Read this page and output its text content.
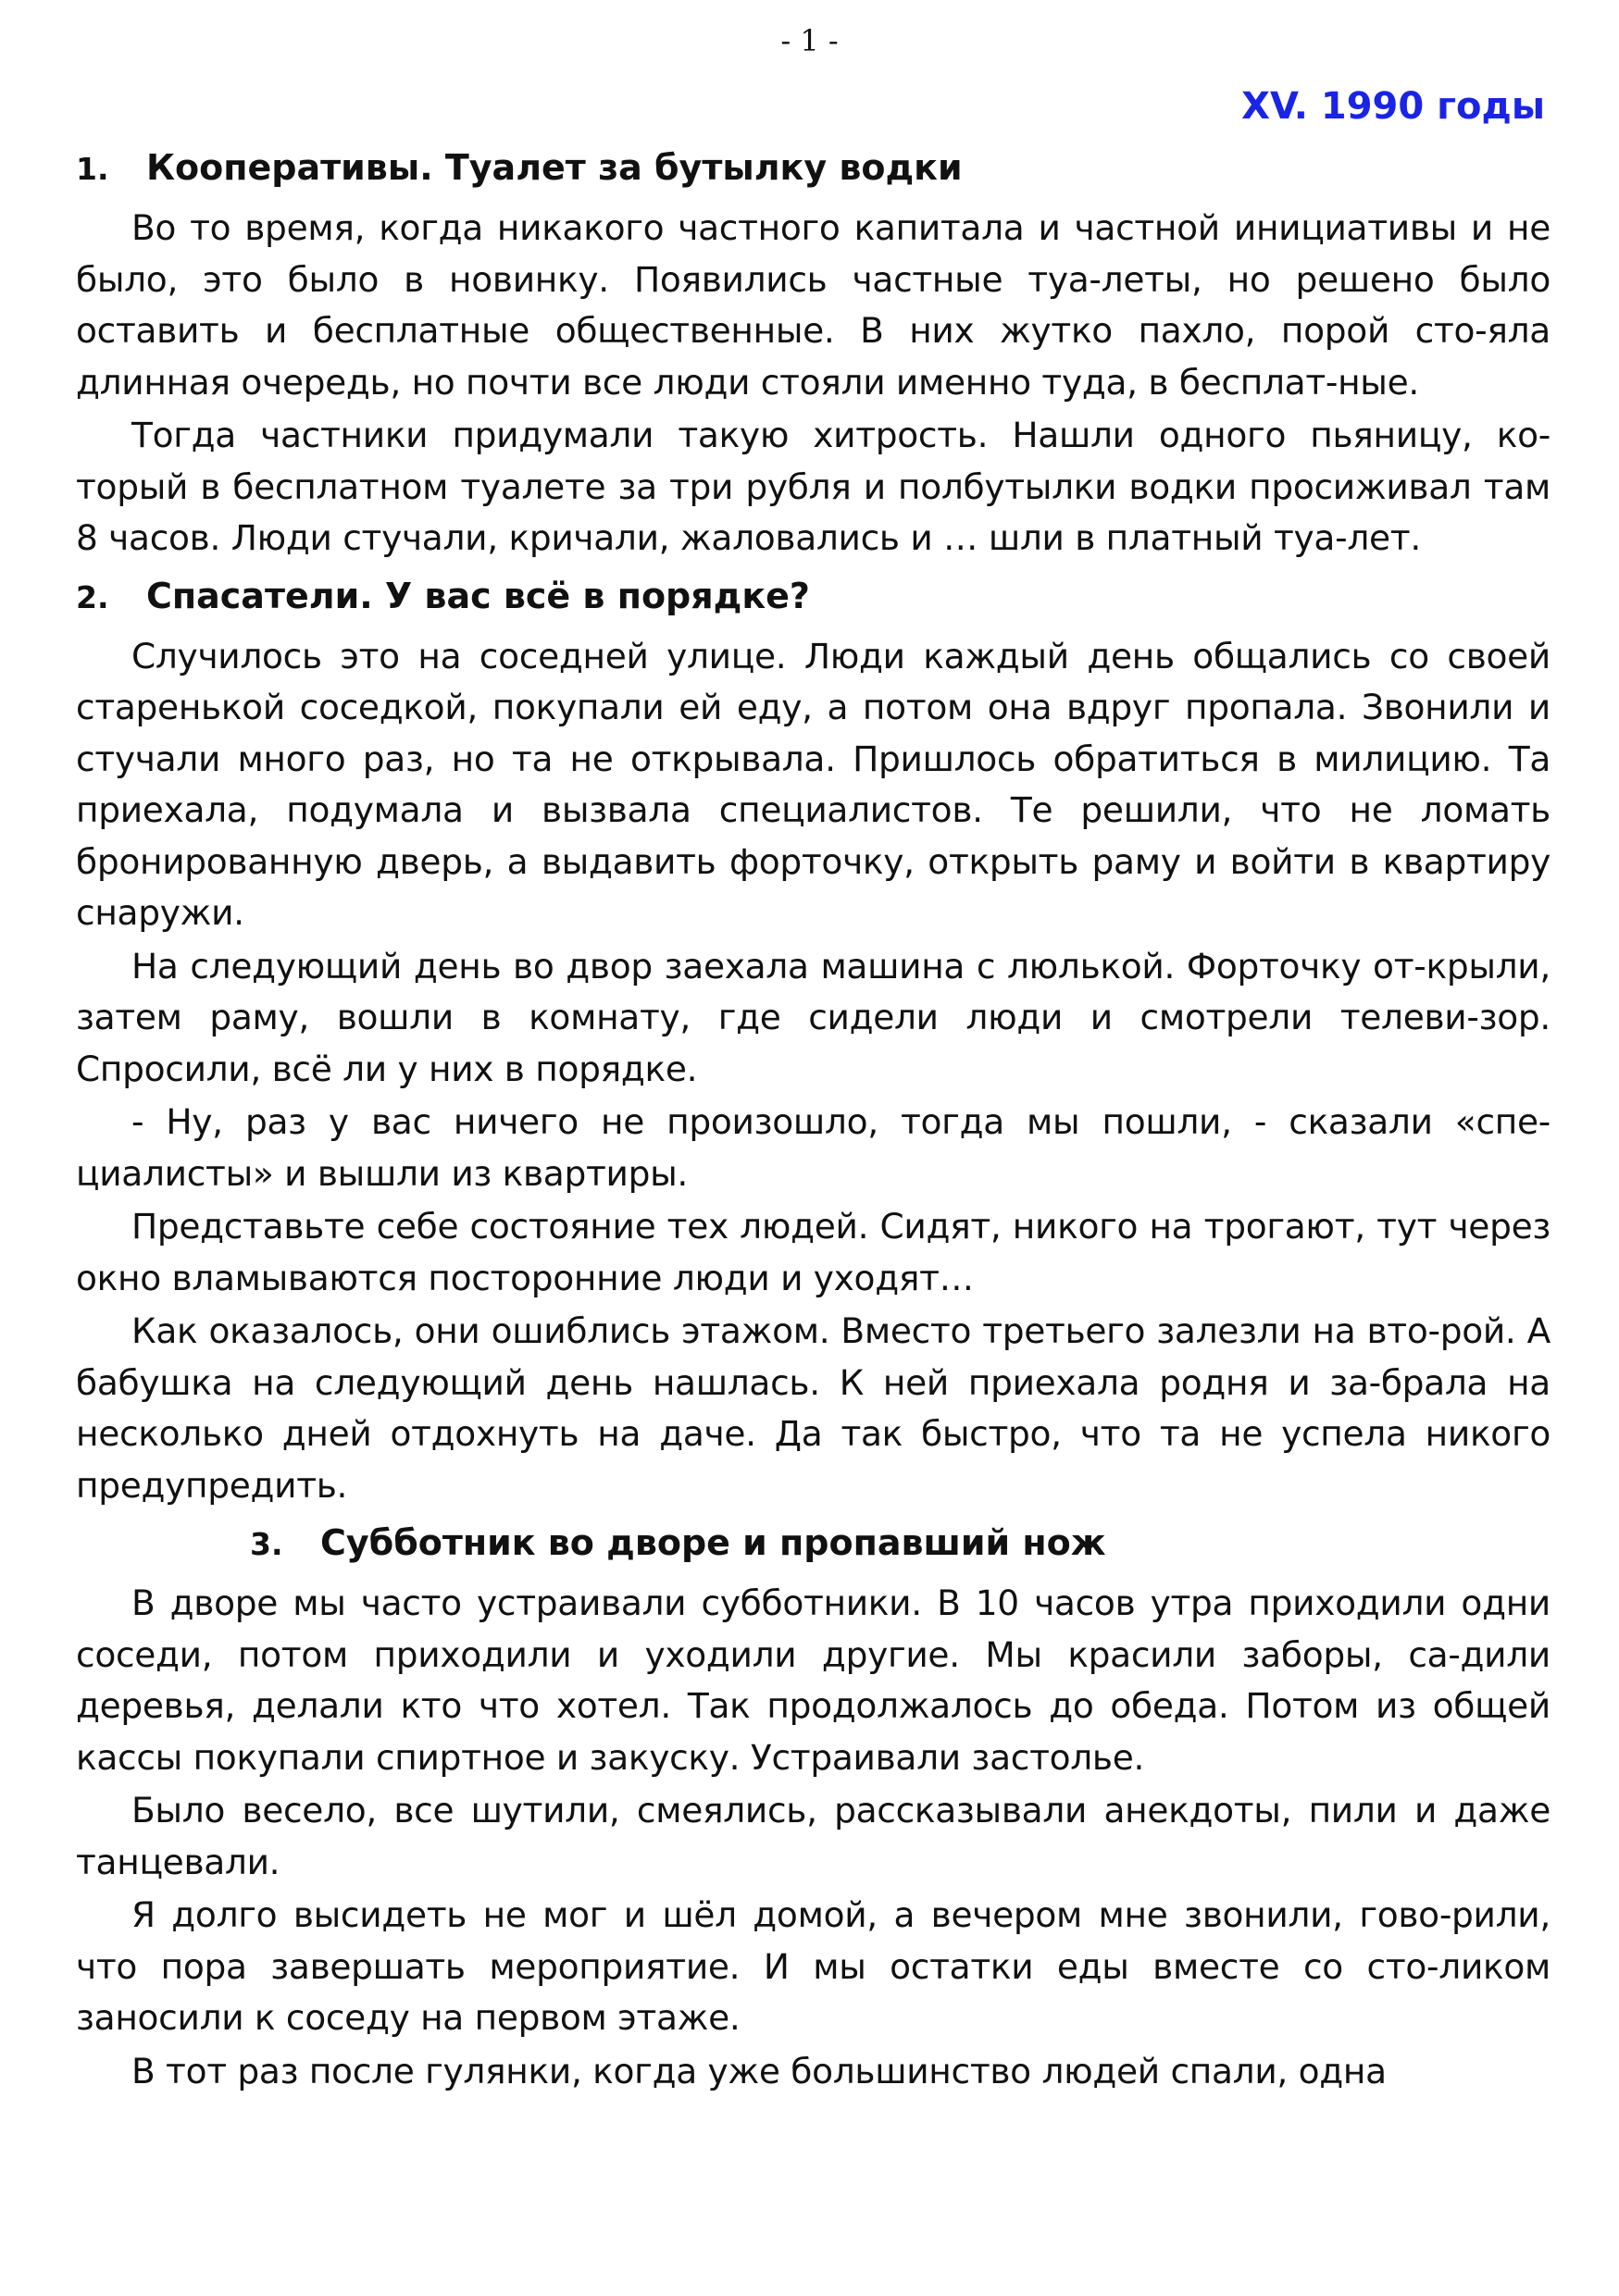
- 1 -
XV. 1990 годы
1.	Кооперативы. Туалет за бутылку водки

Во то время, когда никакого частного капитала и частной инициативы и не было, это было в новинку. Появились частные туа-леты, но решено было оставить и бесплатные общественные. В них жутко пахло, порой сто-яла длинная очередь, но почти все люди стояли именно туда, в бесплат-ные.

Тогда частники придумали такую хитрость. Нашли одного пьяницу, ко-торый в бесплатном туалете за три рубля и полбутылки водки просиживал там 8 часов. Люди стучали, кричали, жаловались и … шли в платный туа-лет.

2.	Спасатели. У вас всё в порядке?

Случилось это на соседней улице. Люди каждый день общались со своей старенькой соседкой, покупали ей еду, а потом она вдруг пропала. Звонили и стучали много раз, но та не открывала. Пришлось обратиться в милицию. Та приехала, подумала и вызвала специалистов. Те решили, что не ломать бронированную дверь, а выдавить форточку, открыть раму и войти в квартиру снаружи.

На следующий день во двор заехала машина с люлькой. Форточку от-крыли, затем раму, вошли в комнату, где сидели люди и смотрели телеви-зор. Спросили, всё ли у них в порядке.

- Ну, раз у вас ничего не произошло, тогда мы пошли, - сказали «спе-циалисты» и вышли из квартиры.

Представьте себе состояние тех людей. Сидят, никого на трогают, тут через окно вламываются посторонние люди и уходят…

Как оказалось, они ошиблись этажом. Вместо третьего залезли на вто-рой. А бабушка на следующий день нашлась. К ней приехала родня и за-брала на несколько дней отдохнуть на даче. Да так быстро, что та не успела никого предупредить.

3.	Субботник во дворе и пропавший нож

В дворе мы часто устраивали субботники. В 10 часов утра приходили одни соседи, потом приходили и уходили другие. Мы красили заборы, са-дили деревья, делали кто что хотел. Так продолжалось до обеда. Потом из общей кассы покупали спиртное и закуску. Устраивали застолье.

Было весело, все шутили, смеялись, рассказывали анекдоты, пили и даже танцевали.

Я долго высидеть не мог и шёл домой, а вечером мне звонили, гово-рили, что пора завершать мероприятие. И мы остатки еды вместе со сто-ликом заносили к соседу на первом этаже.

В тот раз после гулянки, когда уже большинство людей спали, одна
